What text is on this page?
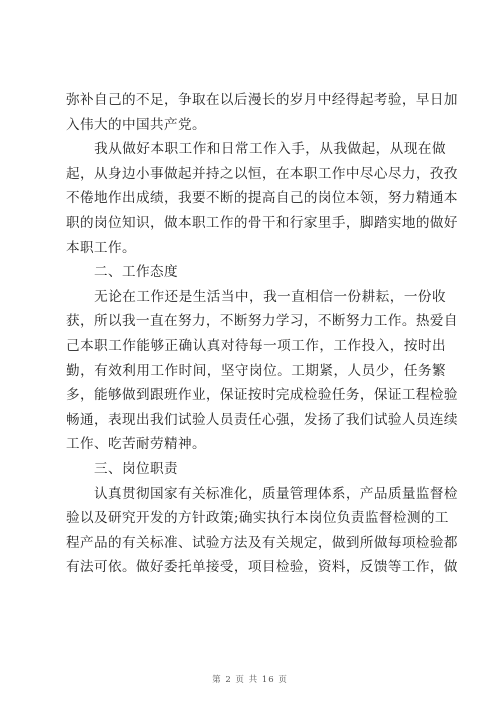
弥补自己的不足，争取在以后漫长的岁月中经得起考验，早日加
入伟大的中国共产党。
　　我从做好本职工作和日常工作入手，从我做起，从现在做
起，从身边小事做起并持之以恒，在本职工作中尽心尽力，孜孜
不倦地作出成绩，我要不断的提高自己的岗位本领，努力精通本
职的岗位知识，做本职工作的骨干和行家里手，脚踏实地的做好
本职工作。
　　二、工作态度
　　无论在工作还是生活当中，我一直相信一份耕耘，一份收
获，所以我一直在努力，不断努力学习，不断努力工作。热爱自
己本职工作能够正确认真对待每一项工作，工作投入，按时出
勤，有效利用工作时间，坚守岗位。工期紧，人员少，任务繁
多，能够做到跟班作业，保证按时完成检验任务，保证工程检验
畅通，表现出我们试验人员责任心强，发扬了我们试验人员连续
工作、吃苦耐劳精神。
　　三、岗位职责
　　认真贯彻国家有关标准化，质量管理体系，产品质量监督检
验以及研究开发的方针政策;确实执行本岗位负责监督检测的工
程产品的有关标准、试验方法及有关规定，做到所做每项检验都
有法可依。做好委托单接受，项目检验，资料，反馈等工作，做
第 2 页 共 16 页
